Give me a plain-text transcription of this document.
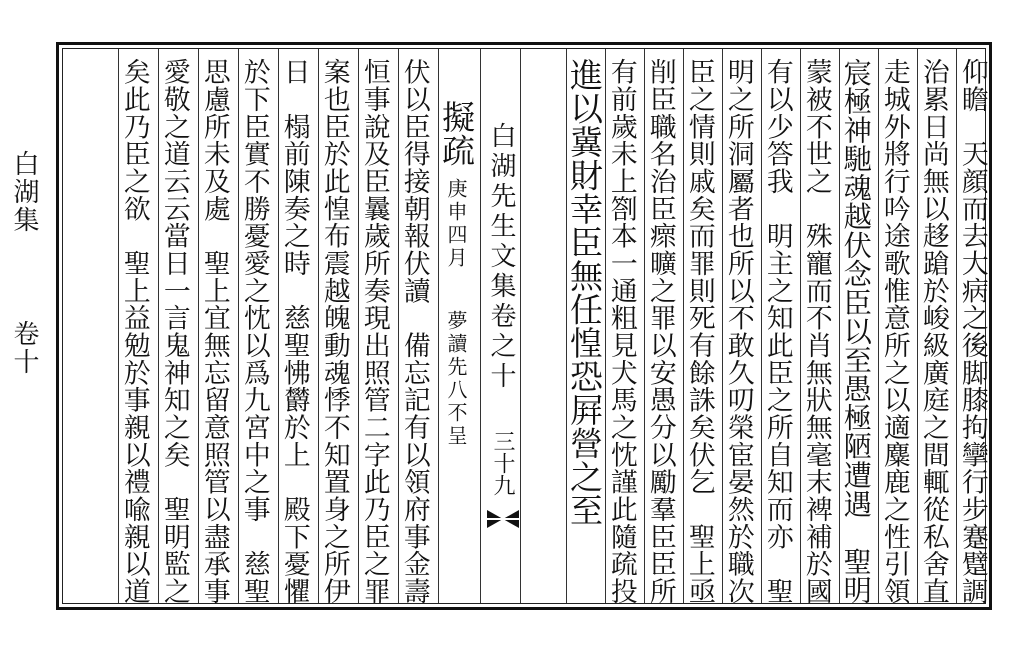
白湖集  卷十	仰瞻　天顔而去大病之後脚膝拘攣行步蹇躄調
治累日尚無以趍蹌於峻級廣庭之間輒從私舍直
走城外將行吟途歌惟意所之以適麋鹿之性引領
宸極神馳魂越伏念臣以至愚極陋遭遇　聖明
蒙被不世之　殊寵而不肖無狀無毫末裨補於國
有以少答我　明主之知此臣之所自知而亦　聖
明之所洞屬者也所以不敢久叨榮宦晏然於職次
臣之情則戚矣而罪則死有餘誅矣伏乞　聖上亟
削臣職名治臣瘝曠之罪以安愚分以勵羣臣臣所
有前歲未上劄本一通粗見犬馬之忱謹此隨疏投
進以冀財幸臣無任惶恐屛營之至
白湖先生文集卷之十
三十九
擬疏
庚申四月
夢讀先八不呈
伏以臣得接朝報伏讀　備忘記有以領府事金壽
恒事說及臣曩歲所奏現出照管二字此乃臣之罪
案也臣於此惶布震越魄動魂悸不知置身之所伊
日　榻前陳奏之時　慈聖怫欝於上　殿下憂懼
於下臣實不勝憂愛之忱以爲九宮中之事　慈聖
思慮所未及處　聖上宜無忘留意照管以盡承事
愛敬之道云云當日一言鬼神知之矣　聖明監之
矣此乃臣之欲　聖上益勉於事親以禮喩親以道
